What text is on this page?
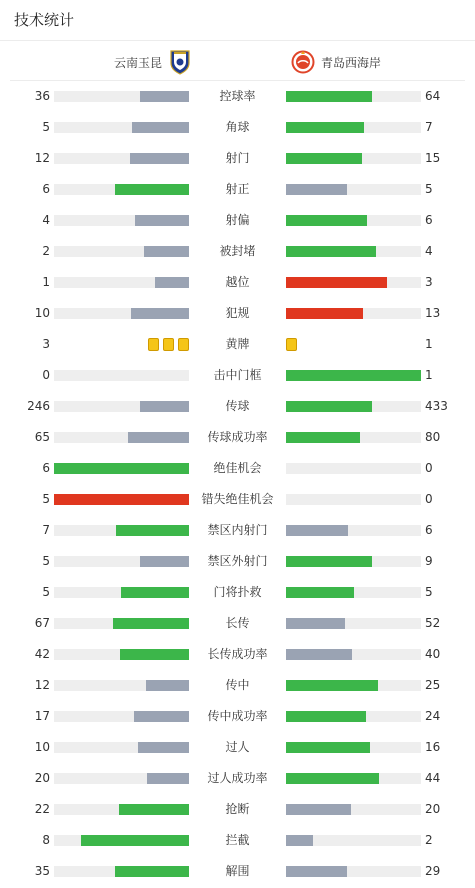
技术统计
云南玉昆	青岛西海岸
36	控球率	64
5	角球	7
12	射门	15
6	射正	5
4	射偏	6
2	被封堵	4
1	越位	3
10	犯规	13
3	黄牌	1
0	击中门框	1
246	传球	433
65	传球成功率	80
6	绝佳机会	0
5	错失绝佳机会	0
7	禁区内射门	6
5	禁区外射门	9
5	门将扑救	5
67	长传	52
42	长传成功率	40
12	传中	25
17	传中成功率	24
10	过人	16
20	过人成功率	44
22	抢断	20
8	拦截	2
35	解围	29
